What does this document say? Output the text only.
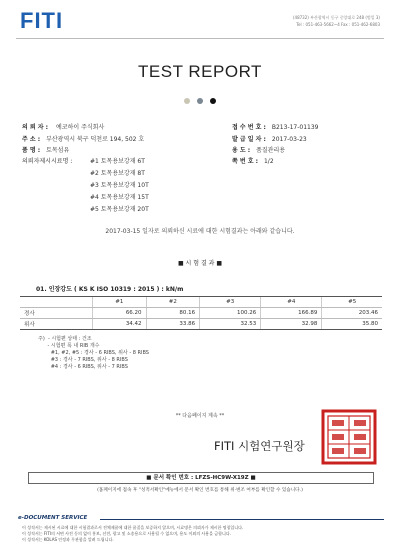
FITI	(48732) 부산광역시 동구 중앙대로 248 (범일 3)
Tel : 051-463-5662~4 Fax : 051-462-6803
TEST REPORT
의 뢰 자 : 예코하이 주식회사
주 소 : 부산광역시 북구 덕천로 194, 502 호
품 명 : 토목섬유
의뢰자제시시료명 :	#1 토목용보강재 6T
#2 토목용보강재 8T
#3 토목용보강재 10T
#4 토목용보강재 15T
#5 토목용보강재 20T
접 수 번 호 : B213-17-01139
발 급 일 자 : 2017-03-23
용 도 : 품질관리용
쪽 번 호 : 1/2
2017-03-15 일자로 의뢰하신 시료에 대한 시험결과는 아래와 같습니다.
■ 시 험 결 과 ■
01. 인장강도 ( KS K ISO 10319 : 2015 ) : kN/m
	#1	#2	#3	#4	#5
경사	66.20	80.16	100.26	166.89	203.46
위사	34.42	33.86	32.53	32.98	35.80
주)  - 시험편 상태 : 건조
- 시험편 폭 내 RIB 개수
#1, #2, #5 : 경사 - 6 RIBS, 위사 - 8 RIBS
#3 : 경사 - 7 RIBS, 위사 - 8 RIBS
#4 : 경사 - 6 RIBS, 위사 - 7 RIBS
** 다음페이지 계속 **
FITI 시험연구원장
■ 문서 확인 번호 : LFZS-HC9W-X19Z ■
(홈페이지에 접속 후 "성적서확인"메뉴에서 문서 확인 번호를 통해 위·변조 여부를 확인할 수 있습니다.)
e-DOCUMENT SERVICE
이 성적서는 제시된 시료에 대한 시험결과로서 전체제품에 대한 품질을 보증하지 않으며, 시료명은 의뢰자가 제시한 명칭입니다.
이 성적서는 FITI의 서면 사전 동의 없이 홍보, 선전, 광고 및 소송용으로 사용될 수 없으며, 용도 이외의 사용을 금합니다.
이 성적서는 KOLAS 인정과 무관함을 알려 드립니다.
